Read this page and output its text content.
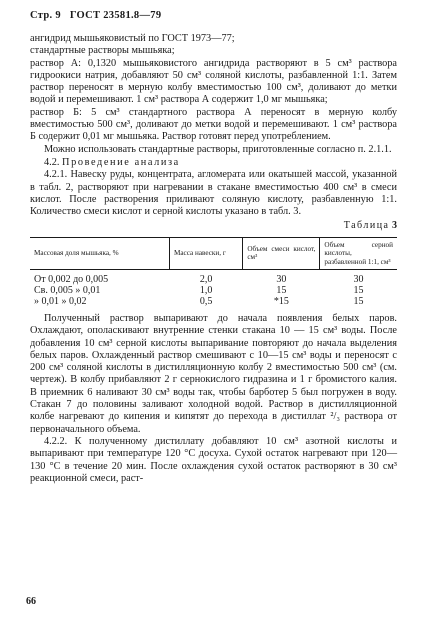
Стр. 9 ГОСТ 23581.8—79

ангидрид мышьяковистый по ГОСТ 1973—77;

стандартные растворы мышьяка;

раствор А: 0,1320 мышьяковистого ангидрида растворяют в 5 см³ раствора гидроокиси натрия, добавляют 50 см³ соляной кислоты, разбавленной 1:1. Затем раствор переносят в мерную колбу вместимостью 100 см³, доливают до метки водой и перемешивают. 1 см³ раствора А содержит 1,0 мг мышьяка;

раствор Б: 5 см³ стандартного раствора А переносят в мерную колбу вместимостью 500 см³, доливают до метки водой и перемешивают. 1 см³ раствора Б содержит 0,01 мг мышьяка. Раствор готовят перед употреблением.

Можно использовать стандартные растворы, приготовленные согласно п. 2.1.1.

4.2. Проведение анализа

4.2.1. Навеску руды, концентрата, агломерата или окатышей массой, указанной в табл. 2, растворяют при нагревании в стакане вместимостью 400 см³ в смеси кислот. После растворения приливают соляную кислоту, разбавленную 1:1. Количество смеси кислот и серной кислоты указано в табл. 3.

Таблица 3
Массовая доля мышьяка, %	Масса навески, г	Объем смеси кислот, см³	Объем серной кислоты, разбавленной 1:1, см³
От 0,002 до 0,005	2,0	30	30
Св. 0,005 » 0,01	1,0	15	15
» 0,01 » 0,02	0,5	*15	15

Полученный раствор выпаривают до начала появления белых паров. Охлаждают, ополаскивают внутренние стенки стакана 10 — 15 см³ воды. После добавления 10 см³ серной кислоты выпаривание повторяют до начала выделения белых паров. Охлажденный раствор смешивают с 10—15 см³ воды и переносят с 200 см³ соляной кислоты в дистилляционную колбу 2 вместимостью 500 см³ (см. чертеж). В колбу прибавляют 2 г сернокислого гидразина и 1 г бромистого калия. В приемник 6 наливают 30 см³ воды так, чтобы барботер 5 был погружен в воду. Стакан 7 до половины заливают холодной водой. Раствор в дистилляционной колбе нагревают до кипения и кипятят до перехода в дистиллат ²/₃ раствора от первоначального объема.

4.2.2. К полученному дистиллату добавляют 10 см³ азотной кислоты и выпаривают при температуре 120 °С досуха. Сухой остаток нагревают при 120—130 °С в течение 20 мин. После охлаждения сухой остаток растворяют в 30 см³ реакционной смеси, раст-

66
